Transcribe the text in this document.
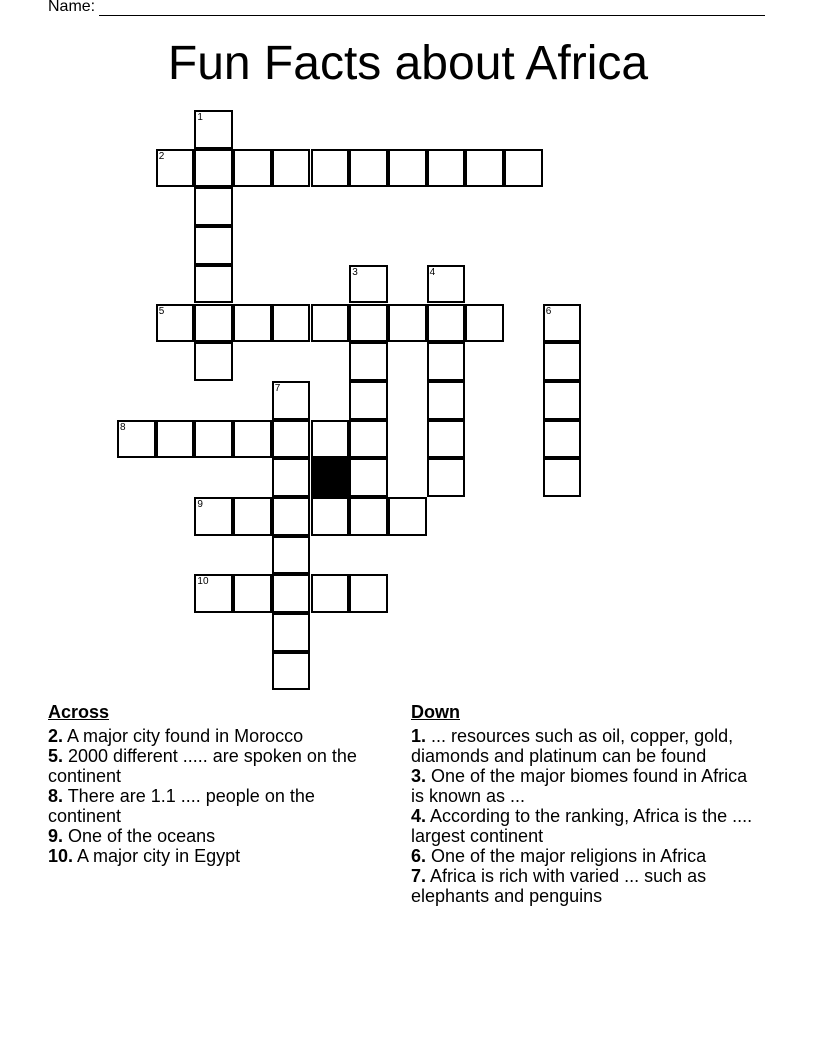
Name:
Fun Facts about Africa
1
2
3	4
5	6
7
8
9
10
Across

2. A major city found in Morocco

5. 2000 different ..... are spoken on the continent

8. There are 1.1 .... people on the continent

9. One of the oceans

10. A major city in Egypt

Down

1. ... resources such as oil, copper, gold, diamonds and platinum can be found

3. One of the major biomes found in Africa is known as ...

4. According to the ranking, Africa is the .... largest continent

6. One of the major religions in Africa

7. Africa is rich with varied ... such as elephants and penguins
